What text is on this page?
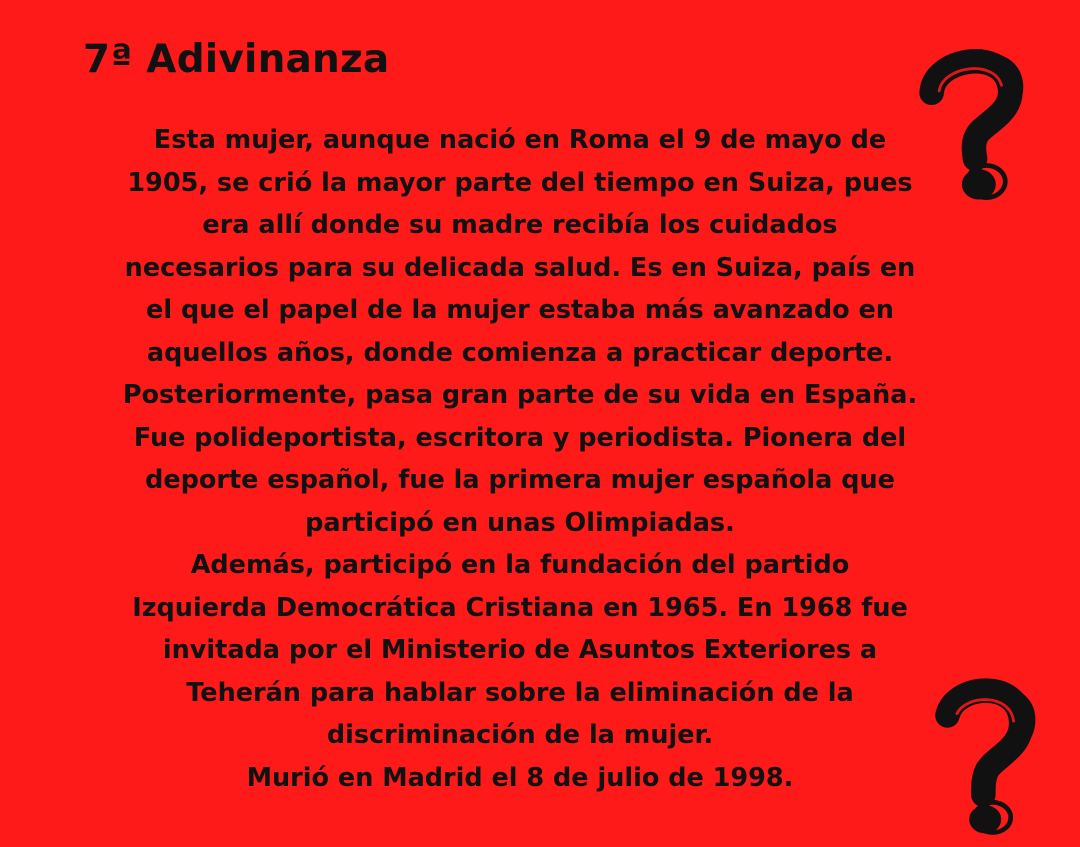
7ª Adivinanza
Esta mujer, aunque nació en Roma el 9 de mayo de
1905, se crió la mayor parte del tiempo en Suiza, pues
era allí donde su madre recibía los cuidados
necesarios para su delicada salud. Es en Suiza, país en
el que el papel de la mujer estaba más avanzado en
aquellos años, donde comienza a practicar deporte.
Posteriormente, pasa gran parte de su vida en España.
Fue polideportista, escritora y periodista. Pionera del
deporte español, fue la primera mujer española que
participó en unas Olimpiadas.
Además, participó en la fundación del partido
Izquierda Democrática Cristiana en 1965. En 1968 fue
invitada por el Ministerio de Asuntos Exteriores a
Teherán para hablar sobre la eliminación de la
discriminación de la mujer.
Murió en Madrid el 8 de julio de 1998.
